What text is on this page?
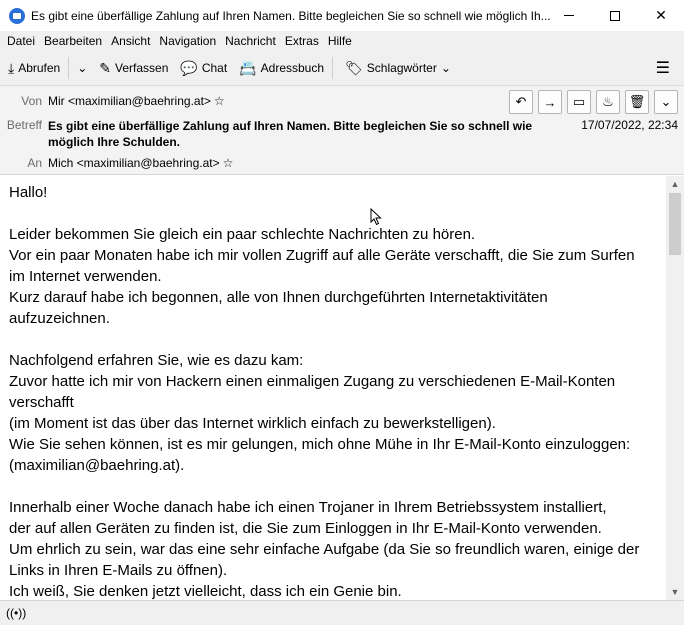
Es gibt eine überfällige Zahlung auf Ihren Namen. Bitte begleichen Sie so schnell wie möglich Ih...	✕
Datei Bearbeiten Ansicht Navigation Nachricht Extras Hilfe
⤓ Abrufen ⌄ ✎ Verfassen 💬 Chat 📇 Adressbuch 🏷 Schlagwörter ⌄	☰
Von Mir <maximilian@baehring.at> ☆	↶ → ▭ ♨ 🗑 ⌄
Betreff Es gibt eine überfällige Zahlung auf Ihren Namen. Bitte begleichen Sie so schnell wie möglich Ihre Schulden.
17/07/2022, 22:34
An Mich <maximilian@baehring.at> ☆
Hallo!
Leider bekommen Sie gleich ein paar schlechte Nachrichten zu hören.
Vor ein paar Monaten habe ich mir vollen Zugriff auf alle Geräte verschafft, die Sie zum Surfen
im Internet verwenden.
Kurz darauf habe ich begonnen, alle von Ihnen durchgeführten Internetaktivitäten
aufzuzeichnen.
Nachfolgend erfahren Sie, wie es dazu kam:
Zuvor hatte ich mir von Hackern einen einmaligen Zugang zu verschiedenen E-Mail-Konten
verschafft
(im Moment ist das über das Internet wirklich einfach zu bewerkstelligen).
Wie Sie sehen können, ist es mir gelungen, mich ohne Mühe in Ihr E-Mail-Konto einzuloggen:
(maximilian@baehring.at).
Innerhalb einer Woche danach habe ich einen Trojaner in Ihrem Betriebssystem installiert,
der auf allen Geräten zu finden ist, die Sie zum Einloggen in Ihr E-Mail-Konto verwenden.
Um ehrlich zu sein, war das eine sehr einfache Aufgabe (da Sie so freundlich waren, einige der
Links in Ihren E-Mails zu öffnen).
Ich weiß, Sie denken jetzt vielleicht, dass ich ein Genie bin.
▲
▼
((•))
